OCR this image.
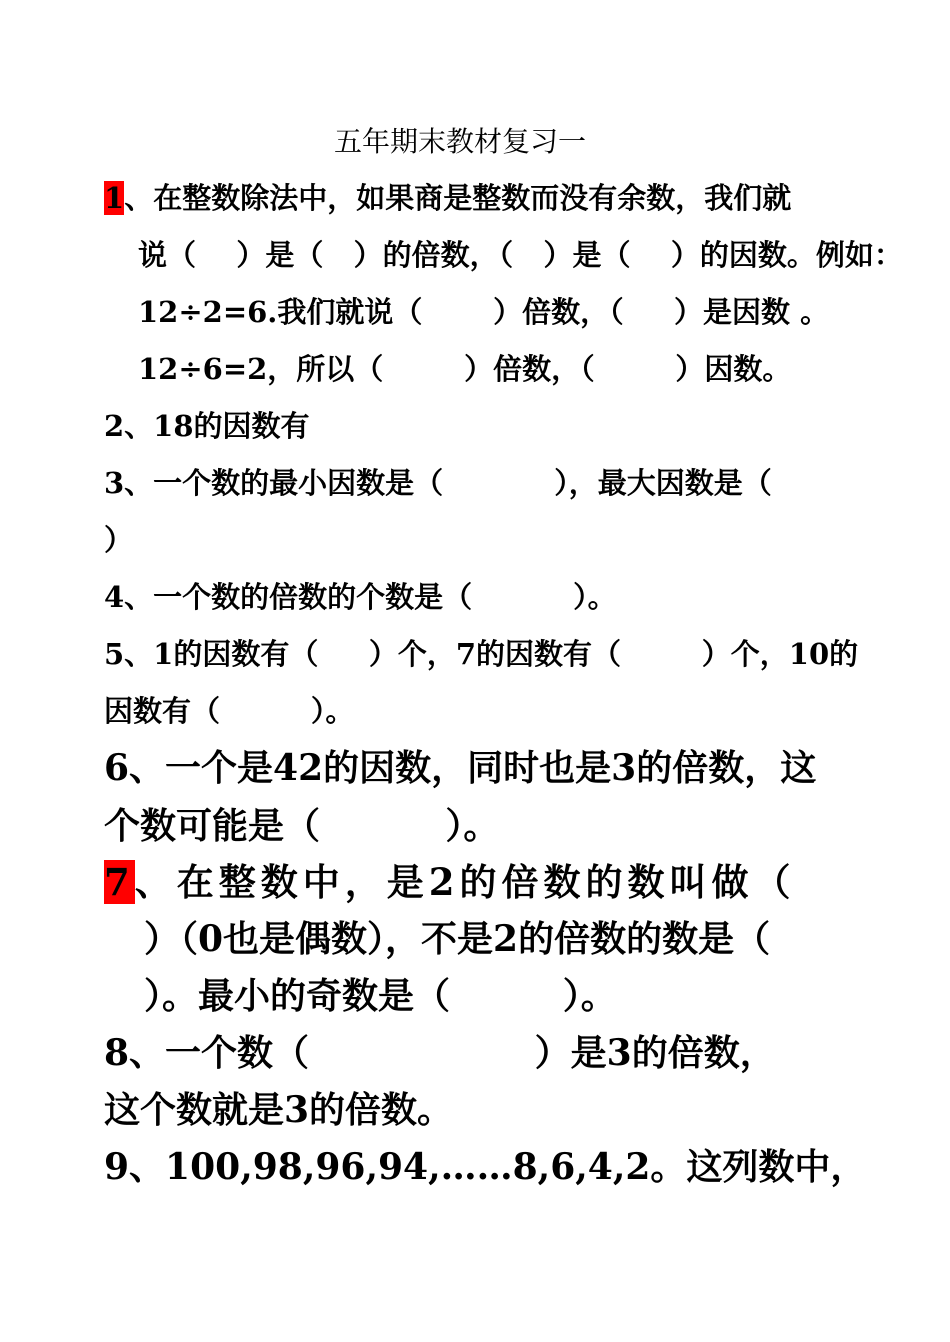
五年期末教材复习一
1、在整数除法中，如果商是整数而没有余数，我们就
说（    ）是（   ）的倍数，（   ）是（    ）的因数。例如：
12÷2=6.我们就说（       ）倍数，（     ）是因数 。
12÷6=2，所以（        ）倍数，（        ）因数。
2、18的因数有
3、一个数的最小因数是（           ），最大因数是（
）
4、一个数的倍数的个数是（          ）。
5、1的因数有（     ）个，7的因数有（        ）个，10的
因数有（         ）。
6、一个是42的因数，同时也是3的倍数，这
个数可能是（          ）。
7、在整数中，是2的倍数的数叫做（
）（0也是偶数），不是2的倍数的数是（
）。最小的奇数是（         ）。
8、一个数（                  ）是3的倍数，
这个数就是3的倍数。
9、100,98,96,94,……8,6,4,2。这列数中，
